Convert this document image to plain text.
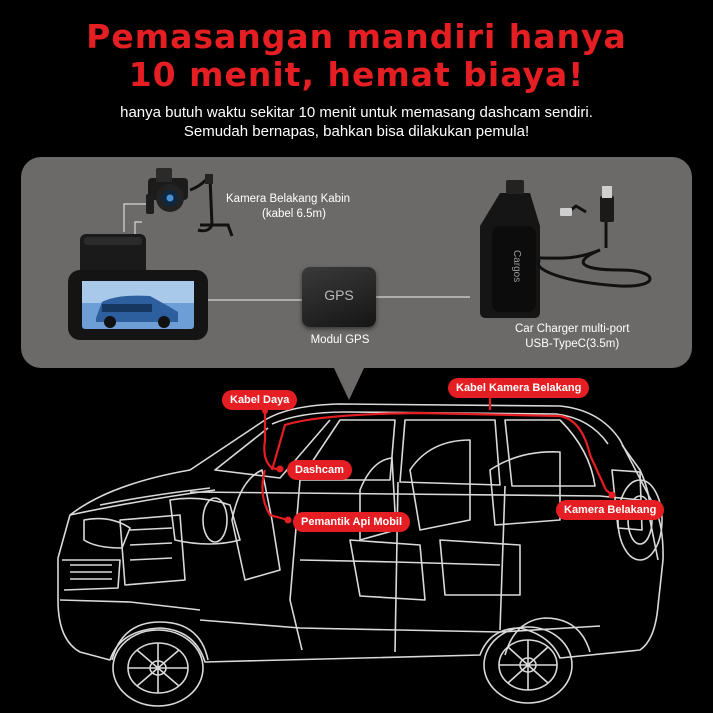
Pemasangan mandiri hanya
10 menit, hemat biaya!
hanya butuh waktu sekitar 10 menit untuk memasang dashcam sendiri.
Semudah bernapas, bahkan bisa dilakukan pemula!
Cargos
Kamera Belakang Kabin
(kabel 6.5m)
GPS
Modul GPS
Car Charger multi-port
USB-TypeC(3.5m)
Kabel Daya
Kabel Kamera Belakang
Dashcam
Pemantik Api Mobil
Kamera Belakang
